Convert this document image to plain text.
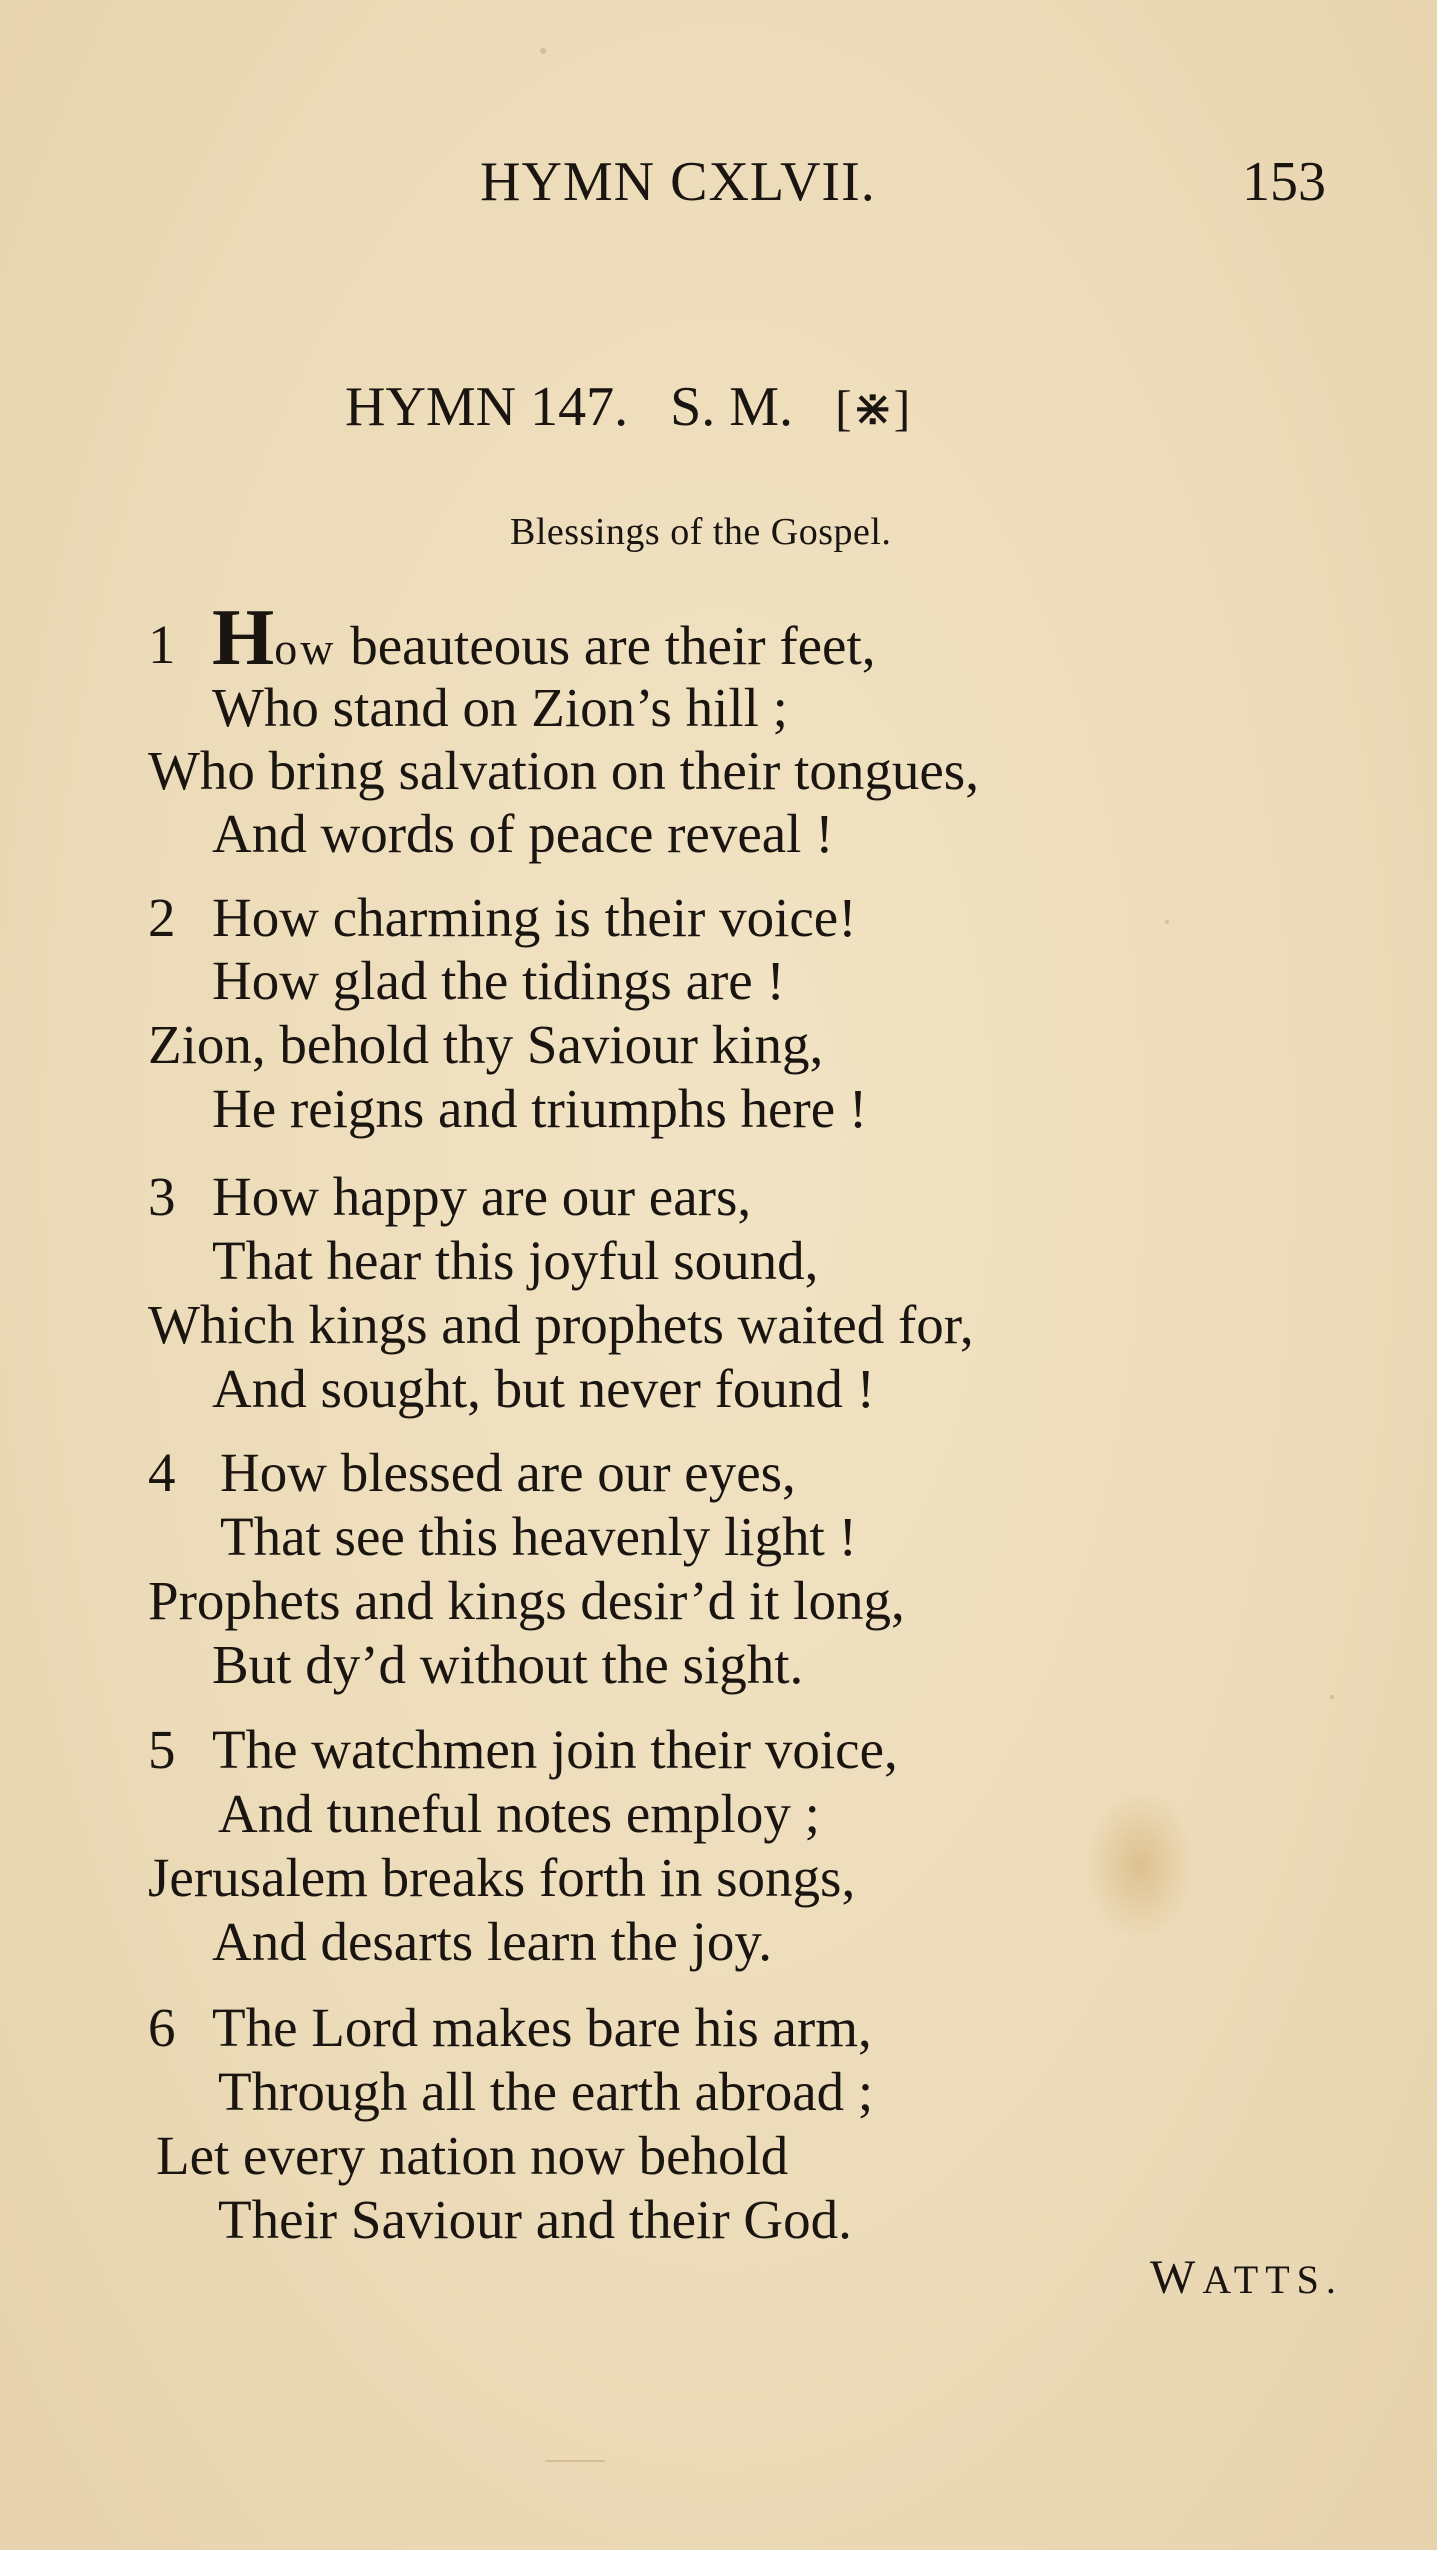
HYMN CXLVII.	153
HYMN 147.   S. M. [⋇]
Blessings of the Gospel.
1 How beauteous are their feet,
Who stand on Zion’s hill ;
Who bring salvation on their tongues,
And words of peace reveal !
2 How charming is their voice!
How glad the tidings are !
Zion, behold thy Saviour king,
He reigns and triumphs here !
3 How happy are our ears,
That hear this joyful sound,
Which kings and prophets waited for,
And sought, but never found !
4 How blessed are our eyes,
That see this heavenly light !
Prophets and kings desir’d it long,
But dy’d without the sight.
5 The watchmen join their voice,
And tuneful notes employ ;
Jerusalem breaks forth in songs,
And desarts learn the joy.
6 The Lord makes bare his arm,
Through all the earth abroad ;
Let every nation now behold
Their Saviour and their God.
WATTS.
